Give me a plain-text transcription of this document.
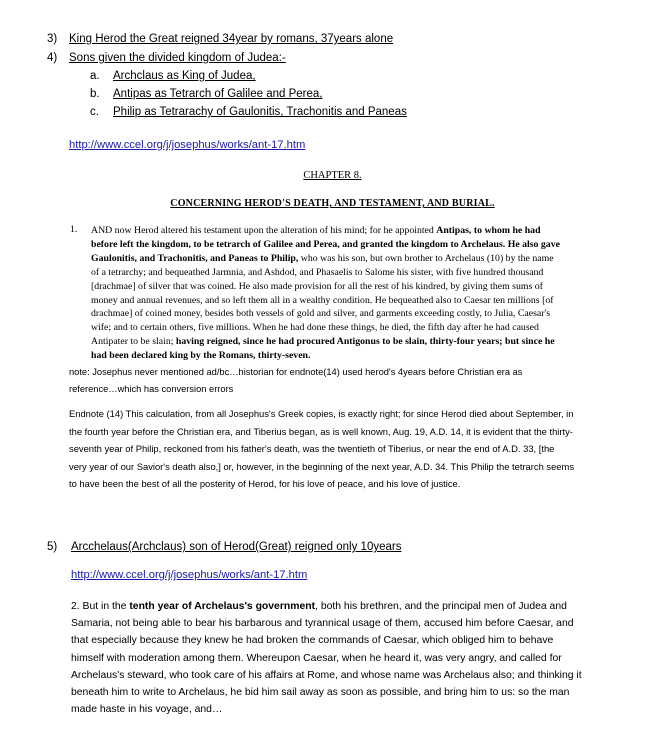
3) King Herod the Great reigned 34year by romans, 37years alone
4) Sons given the divided kingdom of Judea:-
a. Archclaus as King of Judea,
b. Antipas as Tetrarch of Galilee and Perea,
c. Philip as Tetrarachy of Gaulonitis, Trachonitis and Paneas
http://www.ccel.org/j/josephus/works/ant-17.htm
CHAPTER 8.
CONCERNING HEROD'S DEATH, AND TESTAMENT, AND BURIAL.
1. AND now Herod altered his testament upon the alteration of his mind; for he appointed Antipas, to whom he had
before left the kingdom, to be tetrarch of Galilee and Perea, and granted the kingdom to Archelaus. He also gave
Gaulonitis, and Trachonitis, and Paneas to Philip, who was his son, but own brother to Archelaus (10) by the name
of a tetrarchy; and bequeathed Jarmnia, and Ashdod, and Phasaelis to Salome his sister, with five hundred thousand
[drachmae] of silver that was coined. He also made provision for all the rest of his kindred, by giving them sums of
money and annual revenues, and so left them all in a wealthy condition. He bequeathed also to Caesar ten millions [of
drachmae] of coined money, besides both vessels of gold and silver, and garments exceeding costly, to Julia, Caesar's
wife; and to certain others, five millions. When he had done these things, he died, the fifth day after he had caused
Antipater to be slain; having reigned, since he had procured Antigonus to be slain, thirty-four years; but since he
had been declared king by the Romans, thirty-seven.
note: Josephus never mentioned ad/bc…historian for endnote(14) used herod's 4years before Christian era as
reference…which has conversion errors
Endnote (14) This calculation, from all Josephus's Greek copies, is exactly right; for since Herod died about September, in
the fourth year before the Christian era, and Tiberius began, as is well known, Aug. 19, A.D. 14, it is evident that the thirty-
seventh year of Philip, reckoned from his father's death, was the twentieth of Tiberius, or near the end of A.D. 33, [the
very year of our Savior's death also,] or, however, in the beginning of the next year, A.D. 34. This Philip the tetrarch seems
to have been the best of all the posterity of Herod, for his love of peace, and his love of justice.
5) Arcchelaus(Archclaus) son of Herod(Great) reigned only 10years
http://www.ccel.org/j/josephus/works/ant-17.htm
2. But in the tenth year of Archelaus's government, both his brethren, and the principal men of Judea and
Samaria, not being able to bear his barbarous and tyrannical usage of them, accused him before Caesar, and
that especially because they knew he had broken the commands of Caesar, which obliged him to behave
himself with moderation among them. Whereupon Caesar, when he heard it, was very angry, and called for
Archelaus's steward, who took care of his affairs at Rome, and whose name was Archelaus also; and thinking it
beneath him to write to Archelaus, he bid him sail away as soon as possible, and bring him to us: so the man
made haste in his voyage, and…
